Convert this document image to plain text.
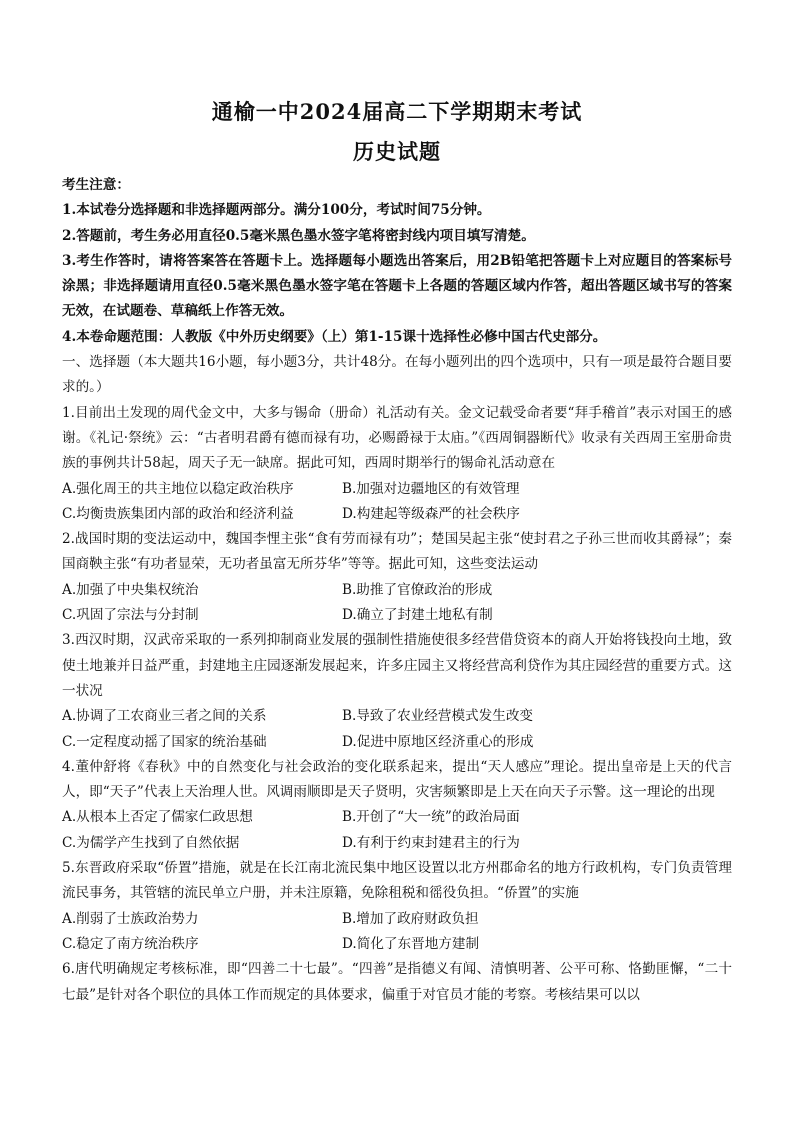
通榆一中2024届高二下学期期末考试
历史试题

考生注意：

1.本试卷分选择题和非选择题两部分。满分100分，考试时间75分钟。

2.答题前，考生务必用直径0.5毫米黑色墨水签字笔将密封线内项目填写清楚。

3.考生作答时，请将答案答在答题卡上。选择题每小题选出答案后，用2B铅笔把答题卡上对应题目的答案标号涂黑；非选择题请用直径0.5毫米黑色墨水签字笔在答题卡上各题的答题区域内作答，超出答题区域书写的答案无效，在试题卷、草稿纸上作答无效。

4.本卷命题范围：人教版《中外历史纲要》（上）第1-15课十选择性必修中国古代史部分。

一、选择题（本大题共16小题，每小题3分，共计48分。在每小题列出的四个选项中，只有一项是最符合题目要求的。）

1.目前出土发现的周代金文中，大多与锡命（册命）礼活动有关。金文记载受命者要“拜手稽首”表示对国王的感谢。《礼记·祭统》云：“古者明君爵有德而禄有功，必赐爵禄于太庙。”《西周铜器断代》收录有关西周王室册命贵族的事例共计58起，周天子无一缺席。据此可知，西周时期举行的锡命礼活动意在

A.强化周王的共主地位以稳定政治秩序	B.加强对边疆地区的有效管理
C.均衡贵族集团内部的政治和经济利益	D.构建起等级森严的社会秩序

2.战国时期的变法运动中，魏国李悝主张“食有劳而禄有功”；楚国吴起主张“使封君之子孙三世而收其爵禄”；秦国商鞅主张“有功者显荣，无功者虽富无所芬华”等等。据此可知，这些变法运动

A.加强了中央集权统治	B.助推了官僚政治的形成
C.巩固了宗法与分封制	D.确立了封建土地私有制

3.西汉时期，汉武帝采取的一系列抑制商业发展的强制性措施使很多经营借贷资本的商人开始将钱投向土地，致使土地兼并日益严重，封建地主庄园逐渐发展起来，许多庄园主又将经营高利贷作为其庄园经营的重要方式。这一状况

A.协调了工农商业三者之间的关系	B.导致了农业经营模式发生改变
C.一定程度动摇了国家的统治基础	D.促进中原地区经济重心的形成

4.董仲舒将《春秋》中的自然变化与社会政治的变化联系起来，提出“天人感应”理论。提出皇帝是上天的代言人，即“天子”代表上天治理人世。风调雨顺即是天子贤明，灾害频繁即是上天在向天子示警。这一理论的出现

A.从根本上否定了儒家仁政思想	B.开创了“大一统”的政治局面
C.为儒学产生找到了自然依据	D.有利于约束封建君主的行为

5.东晋政府采取“侨置”措施，就是在长江南北流民集中地区设置以北方州郡命名的地方行政机构，专门负责管理流民事务，其管辖的流民单立户册，并未注原籍，免除租税和徭役负担。“侨置”的实施

A.削弱了士族政治势力	B.增加了政府财政负担
C.稳定了南方统治秩序	D.简化了东晋地方建制

6.唐代明确规定考核标准，即“四善二十七最”。“四善”是指德义有闻、清慎明著、公平可称、恪勤匪懈，“二十七最”是针对各个职位的具体工作而规定的具体要求，偏重于对官员才能的考察。考核结果可以以
